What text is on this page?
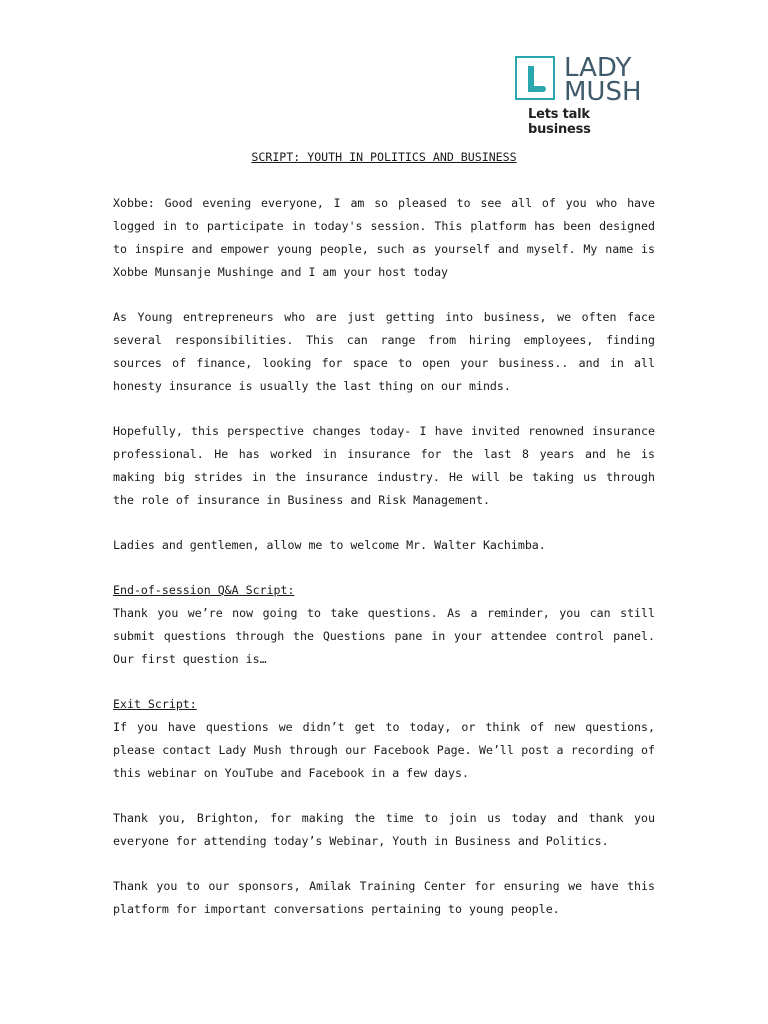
LADY
MUSH
Lets talk business

SCRIPT: YOUTH IN POLITICS AND BUSINESS

Xobbe: Good evening everyone, I am so pleased to see all of you who have logged in to participate in today's session. This platform has been designed to inspire and empower young people, such as yourself and myself. My name is Xobbe Munsanje Mushinge and I am your host today

As Young entrepreneurs who are just getting into business, we often face several responsibilities. This can range from hiring employees, finding sources of finance, looking for space to open your business.. and in all honesty insurance is usually the last thing on our minds.

Hopefully, this perspective changes today- I have invited renowned insurance professional. He has worked in insurance for the last 8 years and he is making big strides in the insurance industry. He will be taking us through the role of insurance in Business and Risk Management.

Ladies and gentlemen, allow me to welcome Mr. Walter Kachimba.

End-of-session Q&A Script:

Thank you we’re now going to take questions. As a reminder, you can still submit questions through the Questions pane in your attendee control panel. Our first question is…

Exit Script:

If you have questions we didn’t get to today, or think of new questions, please contact Lady Mush through our Facebook Page. We’ll post a recording of this webinar on YouTube and Facebook in a few days.

Thank you, Brighton, for making the time to join us today and thank you everyone for attending today’s Webinar, Youth in Business and Politics.

Thank you to our sponsors, Amilak Training Center for ensuring we have this platform for important conversations pertaining to young people.
